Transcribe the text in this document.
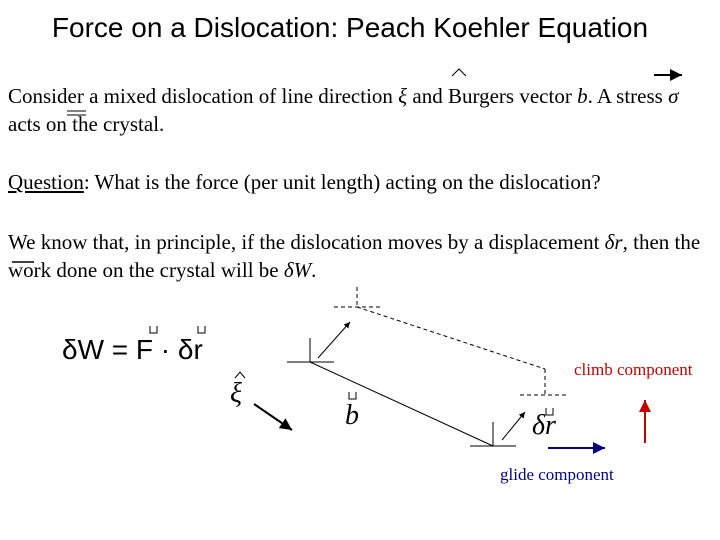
Force on a Dislocation: Peach Koehler Equation
Consider a mixed dislocation of line direction ξ and Burgers vector b. A stress σ acts on the crystal.
Question: What is the force (per unit length) acting on the dislocation?
We know that, in principle, if the dislocation moves by a displacement δr, then the work done on the crystal will be δW.
δW = F · δr
ξ
b	δr
climb component
glide component
